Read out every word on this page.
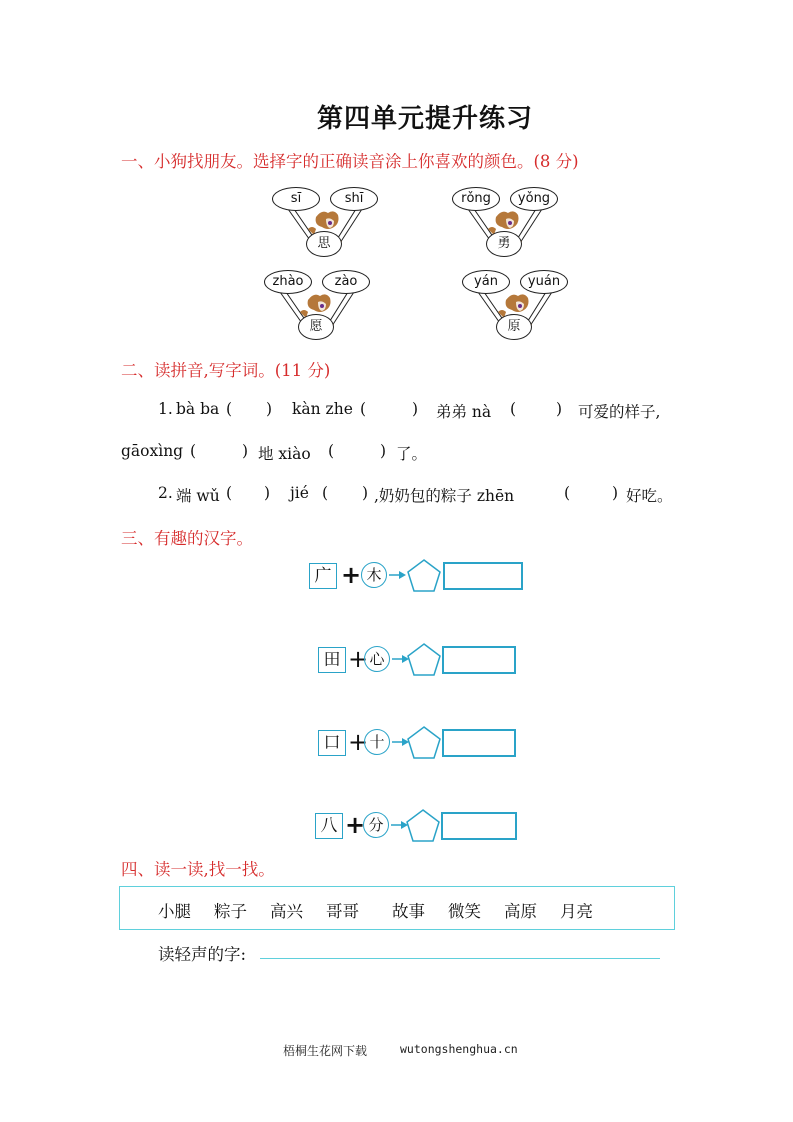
第四单元提升练习
一、小狗找朋友。选择字的正确读音涂上你喜欢的颜色。(8 分)
sī	shī
思
rǒng	yǒng
勇
zhào	zào
愿
yán	yuán
原
二、读拼音,写字词。(11 分)
1. bà ba ( ) kàn zhe (	) 弟弟 nà (	) 可爱的样子,
gāoxìng (	) 地 xiào (	) 了。
2. 端 wǔ ( ) jié ( ) ,奶奶包的粽子 zhēn	(	) 好吃。
三、有趣的汉字。
广 + 木
田 + 心
口 + 十
八 + 分
四、读一读,找一找。
小腿 粽子 高兴 哥哥 故事 微笑 高原 月亮
读轻声的字:
梧桐生花网下载	wutongshenghua.cn
